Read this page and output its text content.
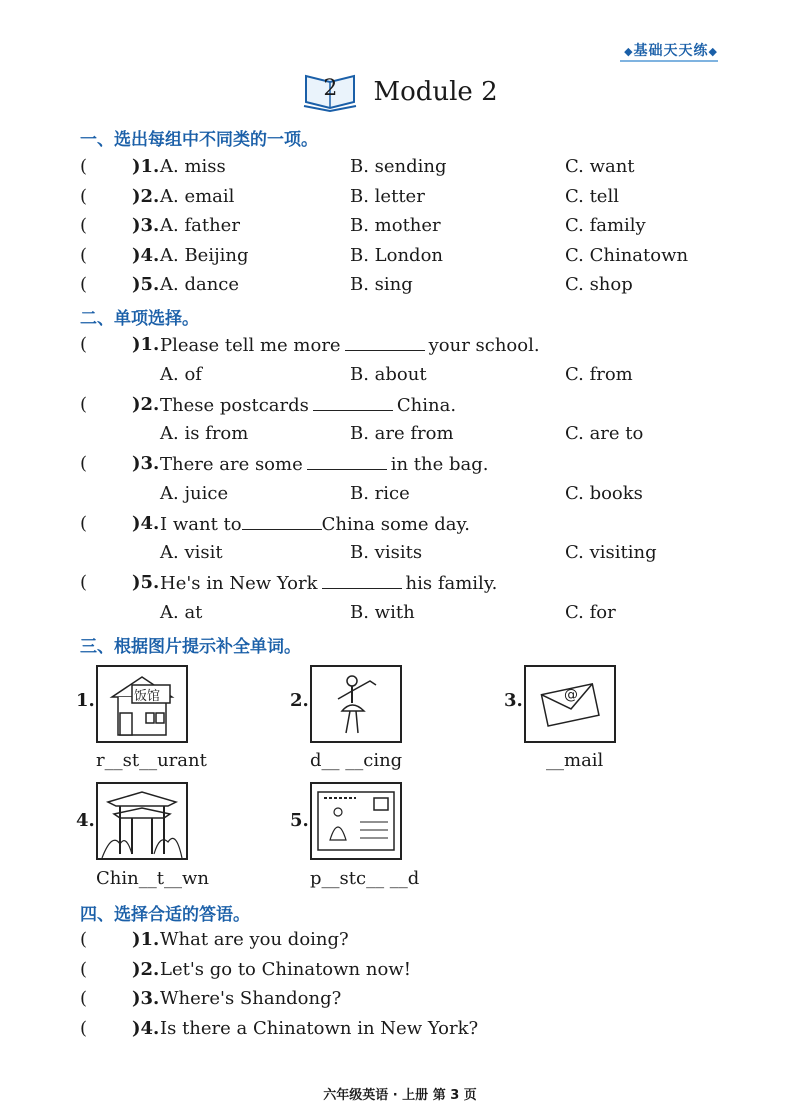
◆基础天天练◆
2	Module 2
一、选出每组中不同类的一项。
( )1. A. miss	B. sending	C. want
( )2. A. email	B. letter	C. tell
( )3. A. father	B. mother	C. family
( )4. A. Beijing	B. London	C. Chinatown
( )5. A. dance	B. sing	C. shop
二、单项选择。
( )1. Please tell me more	your school.
A. of	B. about	C. from
( )2. These postcards	China.
A. is from	B. are from	C. are to
( )3. There are some	in the bag.
A. juice	B. rice	C. books
( )4. I want to	China some day.
A. visit	B. visits	C. visiting
( )5. He's in New York	his family.
A. at	B. with	C. for
三、根据图片提示补全单词。
1.	饭馆
r__st__urant
2.
d__ __cing
3.	@
__mail
4.
Chin__t__wn
5.
p__stc__ __d
四、选择合适的答语。
( )1. What are you doing?
( )2. Let's go to Chinatown now!
( )3. Where's Shandong?
( )4. Is there a Chinatown in New York?
六年级英语 · 上册 第 3 页
